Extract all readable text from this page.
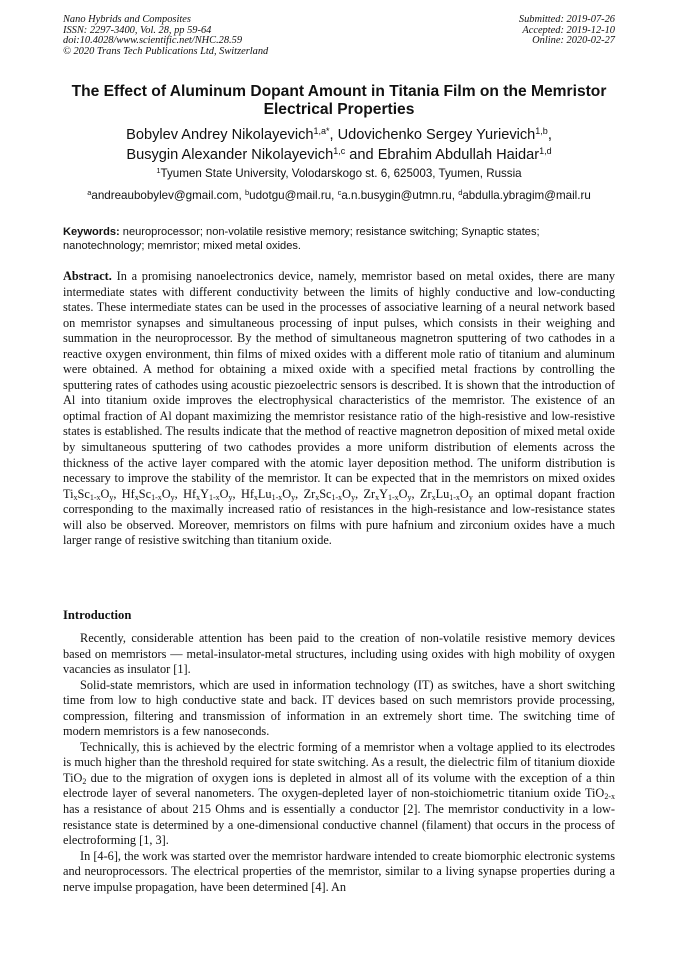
Nano Hybrids and Composites
ISSN: 2297-3400, Vol. 28, pp 59-64
doi:10.4028/www.scientific.net/NHC.28.59
© 2020 Trans Tech Publications Ltd, Switzerland
Submitted: 2019-07-26
Accepted: 2019-12-10
Online: 2020-02-27
The Effect of Aluminum Dopant Amount in Titania Film on the Memristor Electrical Properties
Bobylev Andrey Nikolayevich$^{1,a*}$, Udovichenko Sergey Yurievich$^{1,b}$,
Busygin Alexander Nikolayevich$^{1,c}$ and Ebrahim Abdullah Haidar$^{1,d}$
$^1$Tyumen State University, Volodarskogo st. 6, 625003, Tyumen, Russia
$^a$andreaubobylev@gmail.com, $^b$udotgu@mail.ru, $^c$a.n.busygin@utmn.ru, $^d$abdulla.ybragim@mail.ru
Keywords: neuroprocessor; non-volatile resistive memory; resistance switching; Synaptic states; nanotechnology; memristor; mixed metal oxides.

Abstract. In a promising nanoelectronics device, namely, memristor based on metal oxides, there are many intermediate states with different conductivity between the limits of highly conductive and low-conducting states. These intermediate states can be used in the processes of associative learning of a neural network based on memristor synapses and simultaneous processing of input pulses, which consists in their weighing and summation in the neuroprocessor. By the method of simultaneous magnetron sputtering of two cathodes in a reactive oxygen environment, thin films of mixed oxides with a different mole ratio of titanium and aluminum were obtained. A method for obtaining a mixed oxide with a specified metal fractions by controlling the sputtering rates of cathodes using acoustic piezoelectric sensors is described. It is shown that the introduction of Al into titanium oxide improves the electrophysical characteristics of the memristor. The existence of an optimal fraction of Al dopant maximizing the memristor resistance ratio of the high-resistive and low-resistive states is established. The results indicate that the method of reactive magnetron deposition of mixed metal oxide by simultaneous sputtering of two cathodes provides a more uniform distribution of elements across the thickness of the active layer compared with the atomic layer deposition method. The uniform distribution is necessary to improve the stability of the memristor. It can be expected that in the memristors on mixed oxides $Ti_xSc_{1-x}O_y$, $Hf_xSc_{1-x}O_y$, $Hf_xY_{1-x}O_y$, $Hf_xLu_{1-x}O_y$, $Zr_xSc_{1-x}O_y$, $Zr_xY_{1-x}O_y$, $Zr_xLu_{1-x}O_y$ an optimal dopant fraction corresponding to the maximally increased ratio of resistances in the high-resistance and low-resistance states will also be observed. Moreover, memristors on films with pure hafnium and zirconium oxides have a much larger range of resistive switching than titanium oxide.

Introduction

Recently, considerable attention has been paid to the creation of non-volatile resistive memory devices based on memristors — metal-insulator-metal structures, including using oxides with high mobility of oxygen vacancies as insulator [1].

Solid-state memristors, which are used in information technology (IT) as switches, have a short switching time from low to high conductive state and back. IT devices based on such memristors provide processing, compression, filtering and transmission of information in an extremely short time. The switching time of modern memristors is a few nanoseconds.

Technically, this is achieved by the electric forming of a memristor when a voltage applied to its electrodes is much higher than the threshold required for state switching. As a result, the dielectric film of titanium dioxide TiO$_2$ due to the migration of oxygen ions is depleted in almost all of its volume with the exception of a thin electrode layer of several nanometers. The oxygen-depleted layer of non-stoichiometric titanium oxide TiO$_{2-x}$ has a resistance of about 215 Ohms and is essentially a conductor [2]. The memristor conductivity in a low-resistance state is determined by a one-dimensional conductive channel (filament) that occurs in the process of electroforming [1, 3].

In [4-6], the work was started over the memristor hardware intended to create biomorphic electronic systems and neuroprocessors. The electrical properties of the memristor, similar to a living synapse properties during a nerve impulse propagation, have been determined [4]. An
